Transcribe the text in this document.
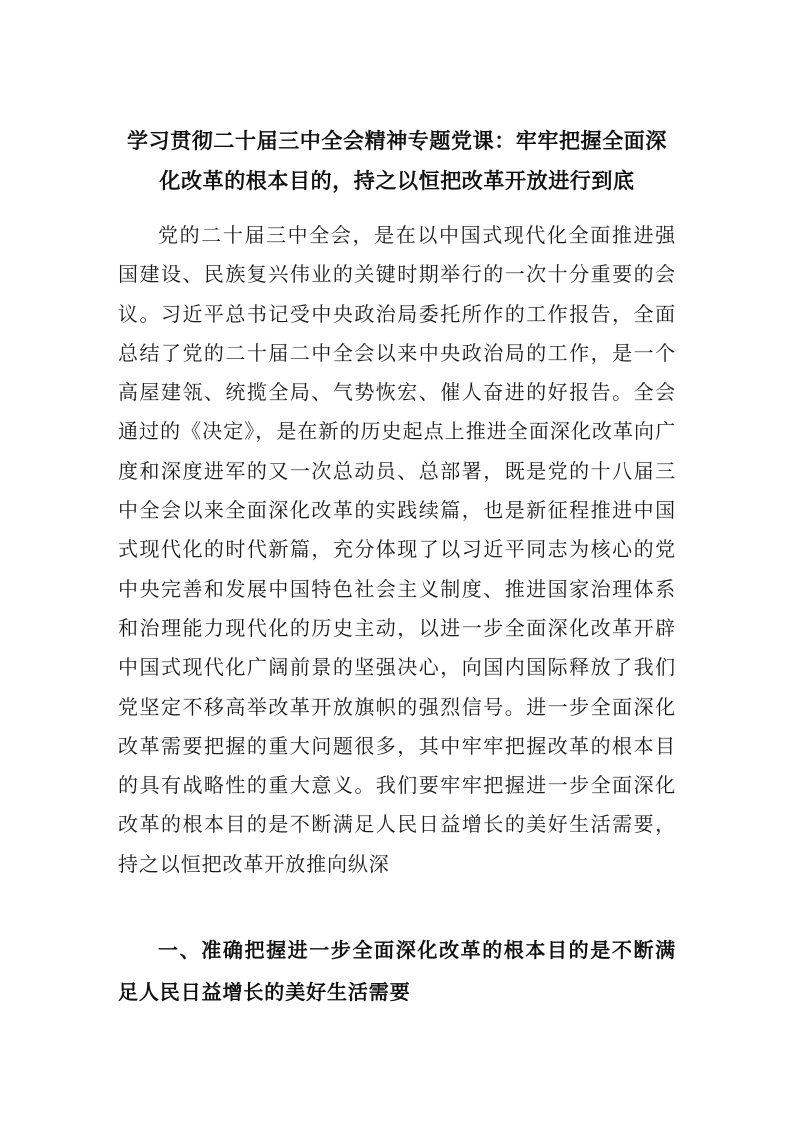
学习贯彻二十届三中全会精神专题党课：牢牢把握全面深化改革的根本目的，持之以恒把改革开放进行到底
党的二十届三中全会，是在以中国式现代化全面推进强国建设、民族复兴伟业的关键时期举行的一次十分重要的会议。习近平总书记受中央政治局委托所作的工作报告，全面总结了党的二十届二中全会以来中央政治局的工作，是一个高屋建瓴、统揽全局、气势恢宏、催人奋进的好报告。全会通过的《决定》，是在新的历史起点上推进全面深化改革向广度和深度进军的又一次总动员、总部署，既是党的十八届三中全会以来全面深化改革的实践续篇，也是新征程推进中国式现代化的时代新篇，充分体现了以习近平同志为核心的党中央完善和发展中国特色社会主义制度、推进国家治理体系和治理能力现代化的历史主动，以进一步全面深化改革开辟中国式现代化广阔前景的坚强决心，向国内国际释放了我们党坚定不移高举改革开放旗帜的强烈信号。进一步全面深化改革需要把握的重大问题很多，其中牢牢把握改革的根本目的具有战略性的重大意义。我们要牢牢把握进一步全面深化改革的根本目的是不断满足人民日益增长的美好生活需要，持之以恒把改革开放推向纵深
一、准确把握进一步全面深化改革的根本目的是不断满足人民日益增长的美好生活需要
